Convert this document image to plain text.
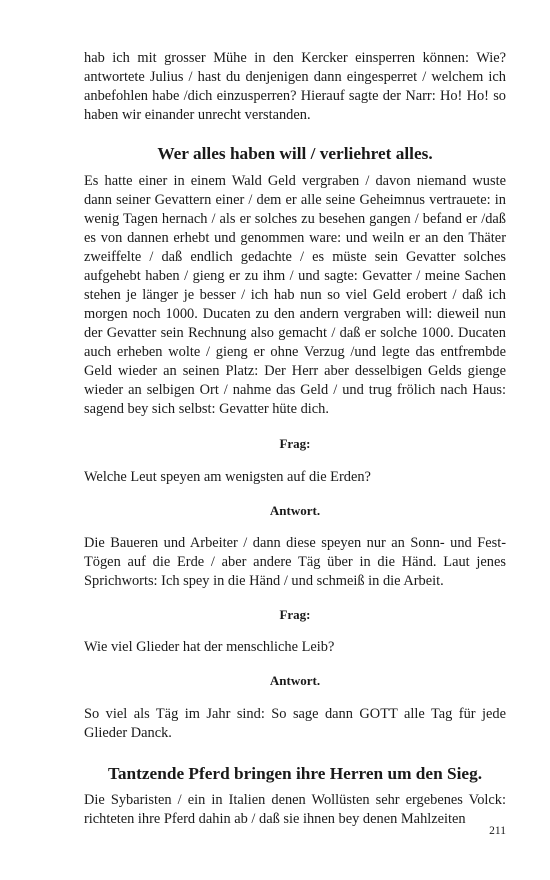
hab ich mit grosser Mühe in den Kercker einsperren können: Wie? antwortete Julius / hast du denjenigen dann eingesperret / welchem ich anbefohlen habe /dich einzusperren? Hierauf sagte der Narr: Ho! Ho! so haben wir einander unrecht verstanden.

Wer alles haben will / verliehret alles.

Es hatte einer in einem Wald Geld vergraben / davon niemand wuste dann seiner Gevattern einer / dem er alle seine Geheimnus vertrauete: in wenig Tagen hernach / als er solches zu besehen gangen / befand er /daß es von dannen erhebt und genommen ware: und weiln er an den Thäter zweiffelte / daß endlich gedachte / es müste sein Gevatter solches aufgehebt haben / gieng er zu ihm / und sagte: Gevatter / meine Sachen stehen je länger je besser / ich hab nun so viel Geld erobert / daß ich morgen noch 1000. Ducaten zu den andern vergraben will: dieweil nun der Gevatter sein Rechnung also gemacht / daß er solche 1000. Ducaten auch erheben wolte / gieng er ohne Verzug /und legte das entfrembde Geld wieder an seinen Platz: Der Herr aber desselbigen Gelds gienge wieder an selbigen Ort / nahme das Geld / und trug frölich nach Haus: sagend bey sich selbst: Gevatter hüte dich.

Frag:

Welche Leut speyen am wenigsten auf die Erden?

Antwort.

Die Baueren und Arbeiter / dann diese speyen nur an Sonn- und Fest-Tögen auf die Erde / aber andere Täg über in die Händ. Laut jenes Sprichworts: Ich spey in die Händ / und schmeiß in die Arbeit.

Frag:

Wie viel Glieder hat der menschliche Leib?

Antwort.

So viel als Täg im Jahr sind: So sage dann GOTT alle Tag für jede Glieder Danck.

Tantzende Pferd bringen ihre Herren um den Sieg.

Die Sybaristen / ein in Italien denen Wollüsten sehr ergebenes Volck: richteten ihre Pferd dahin ab / daß sie ihnen bey denen Mahlzeiten

211
